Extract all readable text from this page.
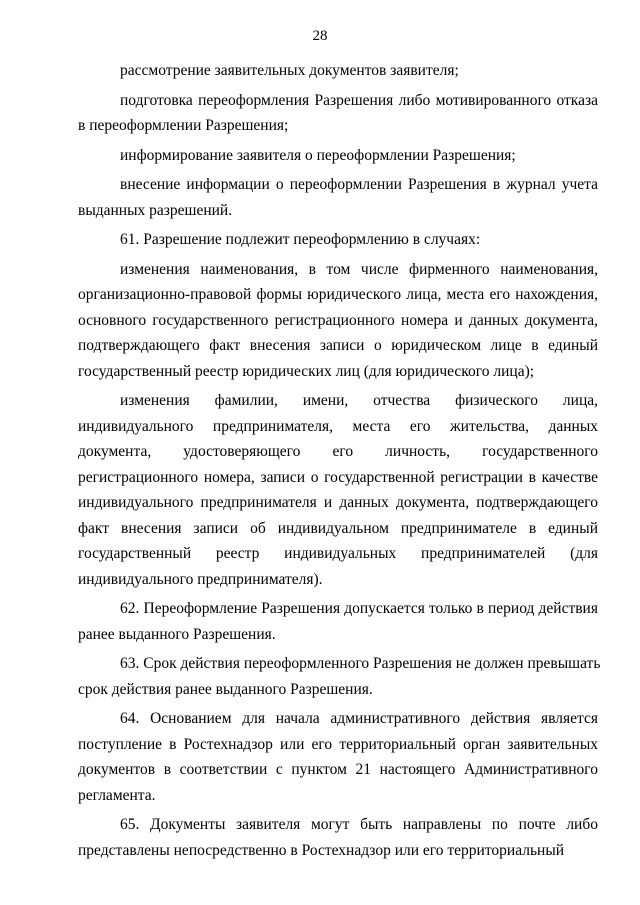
28
рассмотрение заявительных документов заявителя;
подготовка переоформления Разрешения либо мотивированного отказа
в переоформлении Разрешения;
информирование заявителя о переоформлении Разрешения;
внесение информации о переоформлении Разрешения в журнал учета
выданных разрешений.
61. Разрешение подлежит переоформлению в случаях:
изменения наименования, в том числе фирменного наименования,
организационно-правовой формы юридического лица, места его нахождения,
основного государственного регистрационного номера и данных документа,
подтверждающего факт внесения записи о юридическом лице в единый
государственный реестр юридических лиц (для юридического лица);
изменения фамилии, имени, отчества физического лица,
индивидуального предпринимателя, места его жительства, данных
документа, удостоверяющего его личность, государственного
регистрационного номера, записи о государственной регистрации в качестве
индивидуального предпринимателя и данных документа, подтверждающего
факт внесения записи об индивидуальном предпринимателе в единый
государственный реестр индивидуальных предпринимателей (для
индивидуального предпринимателя).
62. Переоформление Разрешения допускается только в период действия
ранее выданного Разрешения.
63. Срок действия переоформленного Разрешения не должен превышать
срок действия ранее выданного Разрешения.
64. Основанием для начала административного действия является
поступление в Ростехнадзор или его территориальный орган заявительных
документов в соответствии с пунктом 21 настоящего Административного
регламента.
65. Документы заявителя могут быть направлены по почте либо
представлены непосредственно в Ростехнадзор или его территориальный
